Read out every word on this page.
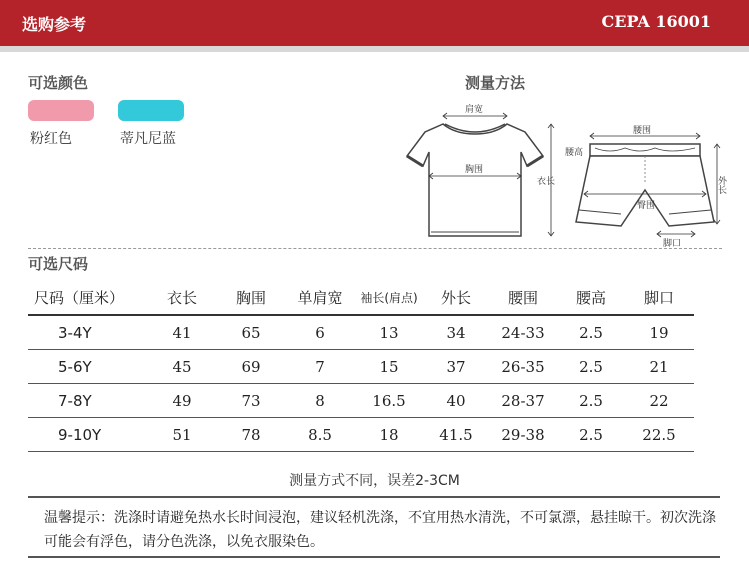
选购参考	CEPA 16001
可选颜色
粉红色	蒂凡尼蓝
测量方法
肩宽
胸围
衣长
腰围
腰高
臀围
外长
脚口
可选尺码
尺码（厘米）	衣长	胸围	单肩宽	袖长(肩点)	外长	腰围	腰高	脚口
3-4Y	41	65	6	13	34	24-33	2.5	19
5-6Y	45	69	7	15	37	26-35	2.5	21
7-8Y	49	73	8	16.5	40	28-37	2.5	22
9-10Y	51	78	8.5	18	41.5	29-38	2.5	22.5
测量方式不同，误差2-3CM
温馨提示：洗涤时请避免热水长时间浸泡，建议轻机洗涤，不宜用热水清洗，不可氯漂，悬挂晾干。初次洗涤可能会有浮色，请分色洗涤，以免衣服染色。
